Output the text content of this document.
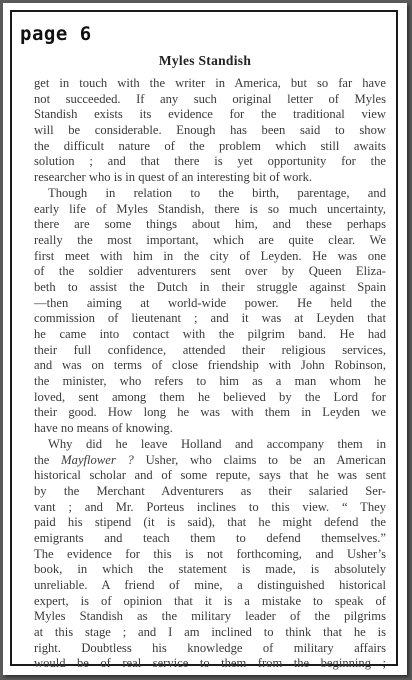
page 6
Myles Standish
get in touch with the writer in America, but so far have
not succeeded. If any such original letter of Myles
Standish exists its evidence for the traditional view
will be considerable. Enough has been said to show
the difficult nature of the problem which still awaits
solution ; and that there is yet opportunity for the
researcher who is in quest of an interesting bit of work.
Though in relation to the birth, parentage, and
early life of Myles Standish, there is so much uncertainty,
there are some things about him, and these perhaps
really the most important, which are quite clear. We
first meet with him in the city of Leyden. He was one
of the soldier adventurers sent over by Queen Eliza-
beth to assist the Dutch in their struggle against Spain
—then aiming at world-wide power. He held the
commission of lieutenant ; and it was at Leyden that
he came into contact with the pilgrim band. He had
their full confidence, attended their religious services,
and was on terms of close friendship with John Robinson,
the minister, who refers to him as a man whom he
loved, sent among them he believed by the Lord for
their good. How long he was with them in Leyden we
have no means of knowing.
Why did he leave Holland and accompany them in
the Mayflower ? Usher, who claims to be an American
historical scholar and of some repute, says that he was sent
by the Merchant Adventurers as their salaried Ser-
vant ; and Mr. Porteus inclines to this view. “ They
paid his stipend (it is said), that he might defend the
emigrants and teach them to defend themselves.”
The evidence for this is not forthcoming, and Usher’s
book, in which the statement is made, is absolutely
unreliable. A friend of mine, a distinguished historical
expert, is of opinion that it is a mistake to speak of
Myles Standish as the military leader of the pilgrims
at this stage ; and I am inclined to think that he is
right. Doubtless his knowledge of military affairs
would be of real service to them from the beginning ;
